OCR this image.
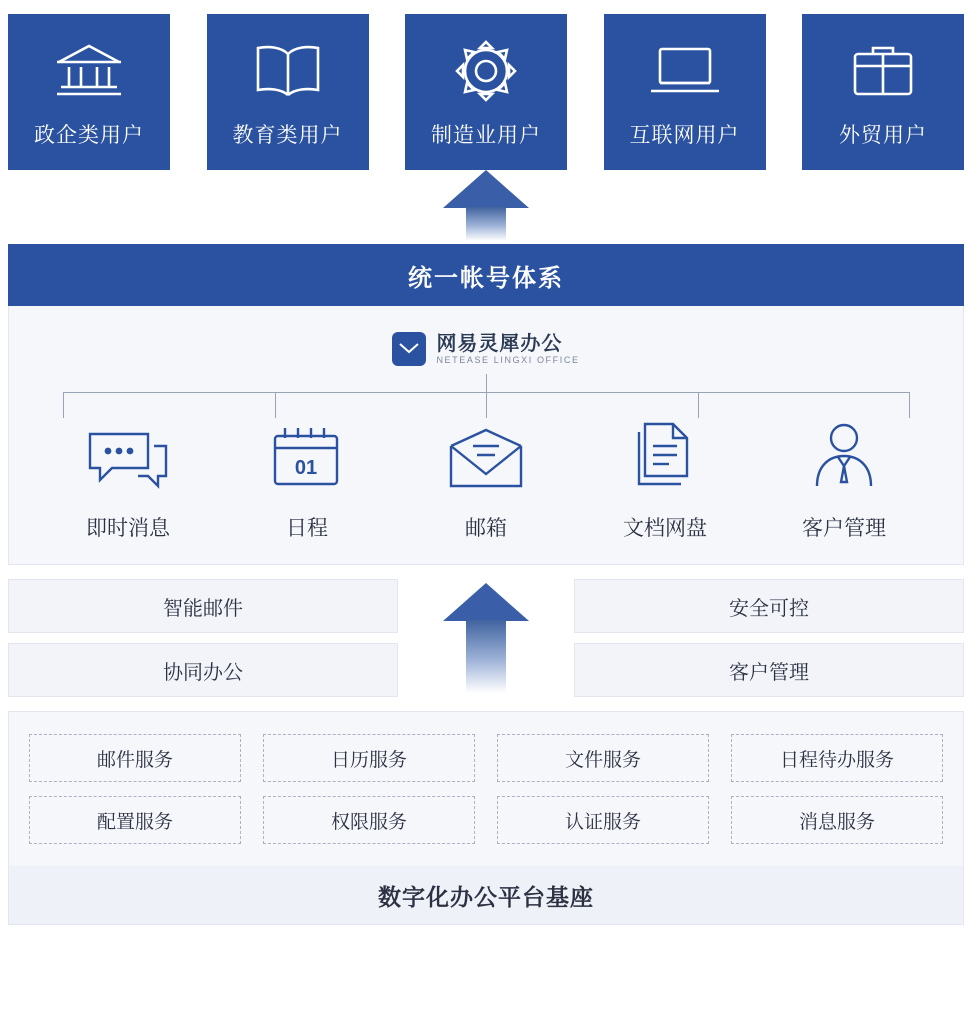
政企类用户	教育类用户	制造业用户	互联网用户	外贸用户
统一帐号体系
网易灵犀办公
NETEASE LINGXI OFFICE
即时消息
01
日程	邮箱	文档网盘	客户管理
智能邮件
协同办公
安全可控
客户管理
邮件服务	日历服务	文件服务	日程待办服务
配置服务	权限服务	认证服务	消息服务
数字化办公平台基座
